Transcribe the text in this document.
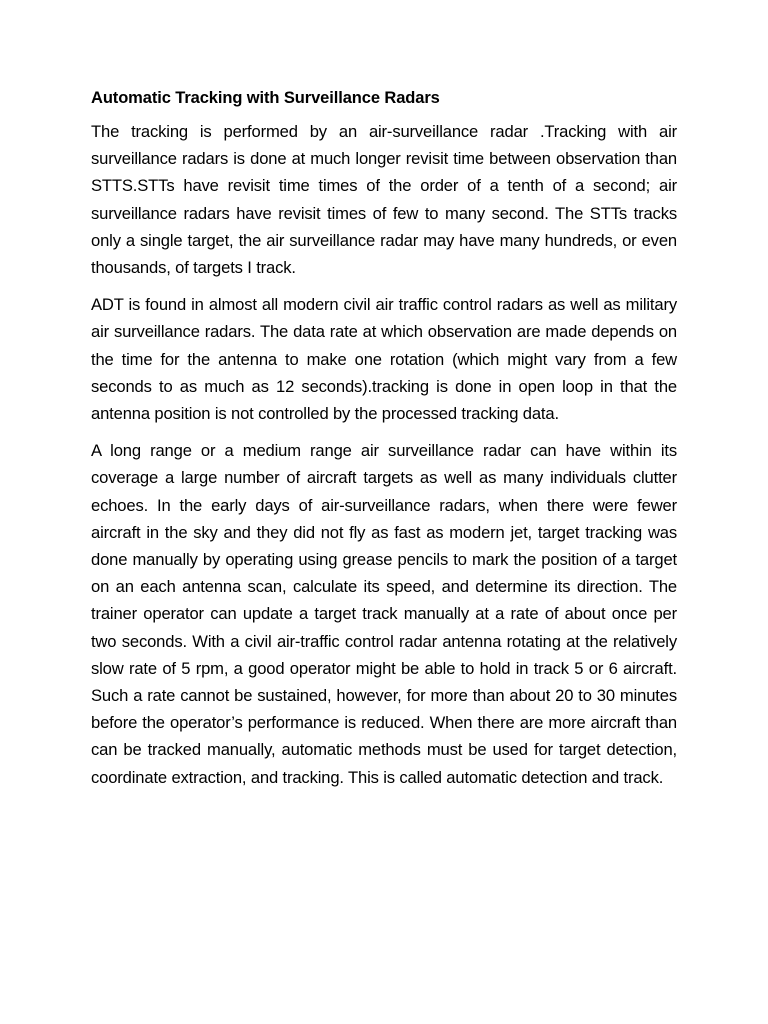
Automatic Tracking with Surveillance Radars

The tracking is performed by an air-surveillance radar .Tracking with air surveillance radars is done at much longer revisit time between observation than STTS.STTs have revisit time times of the order of a tenth of a second; air surveillance radars have revisit times of few to many second. The STTs tracks only a single target, the air surveillance radar may have many hundreds, or even thousands, of targets I track.

ADT is found in almost all modern civil air traffic control radars as well as military air surveillance radars. The data rate at which observation are made depends on the time for the antenna to make one rotation (which might vary from a few seconds to as much as 12 seconds).tracking is done in open loop in that the antenna position is not controlled by the processed tracking data.

A long range or a medium range air surveillance radar can have within its coverage a large number of aircraft targets as well as many individuals clutter echoes. In the early days of air-surveillance radars, when there were fewer aircraft in the sky and they did not fly as fast as modern jet, target tracking was done manually by operating using grease pencils to mark the position of a target on an each antenna scan, calculate its speed, and determine its direction. The trainer operator can update a target track manually at a rate of about once per two seconds. With a civil air-traffic control radar antenna rotating at the relatively slow rate of 5 rpm, a good operator might be able to hold in track 5 or 6 aircraft. Such a rate cannot be sustained, however, for more than about 20 to 30 minutes before the operator’s performance is reduced. When there are more aircraft than can be tracked manually, automatic methods must be used for target detection, coordinate extraction, and tracking. This is called automatic detection and track.
